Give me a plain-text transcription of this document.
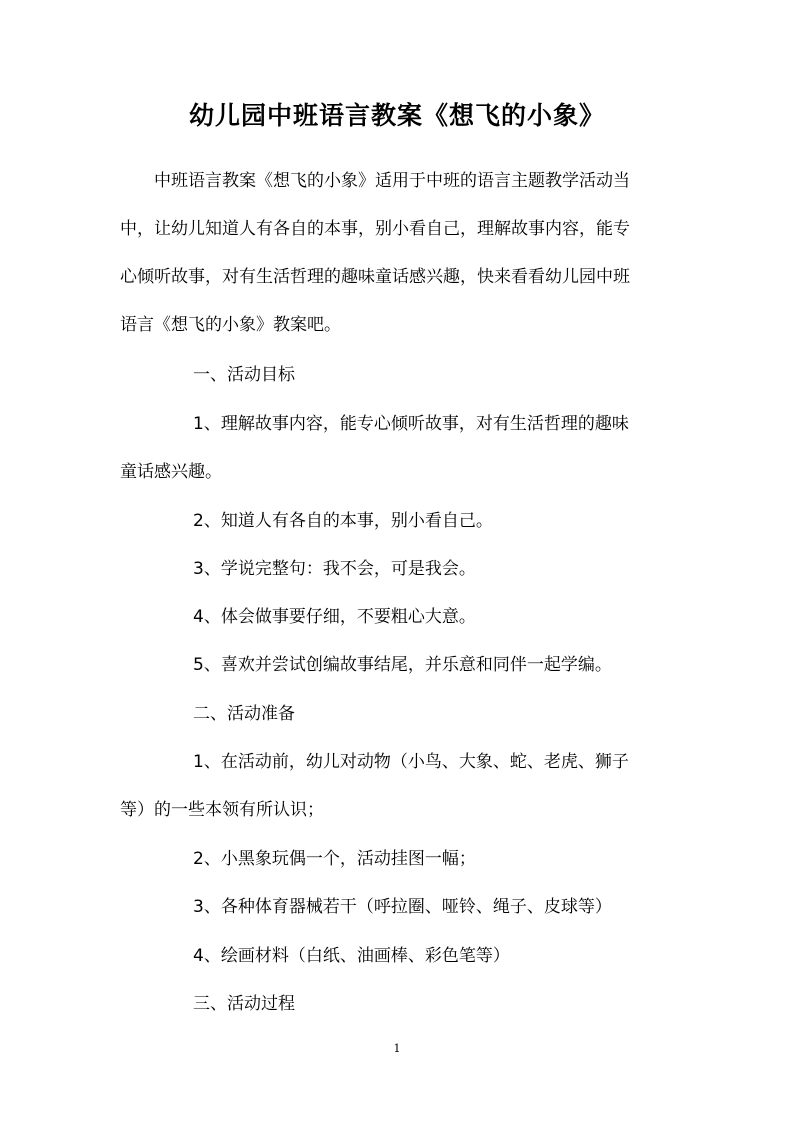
幼儿园中班语言教案《想飞的小象》
中班语言教案《想飞的小象》适用于中班的语言主题教学活动当
中，让幼儿知道人有各自的本事，别小看自己，理解故事内容，能专
心倾听故事，对有生活哲理的趣味童话感兴趣，快来看看幼儿园中班
语言《想飞的小象》教案吧。
一、活动目标
1、理解故事内容，能专心倾听故事，对有生活哲理的趣味
童话感兴趣。
2、知道人有各自的本事，别小看自己。
3、学说完整句：我不会，可是我会。
4、体会做事要仔细，不要粗心大意。
5、喜欢并尝试创编故事结尾，并乐意和同伴一起学编。
二、活动准备
1、在活动前，幼儿对动物（小鸟、大象、蛇、老虎、狮子
等）的一些本领有所认识；
2、小黑象玩偶一个，活动挂图一幅；
3、各种体育器械若干（呼拉圈、哑铃、绳子、皮球等）
4、绘画材料（白纸、油画棒、彩色笔等）
三、活动过程
1
